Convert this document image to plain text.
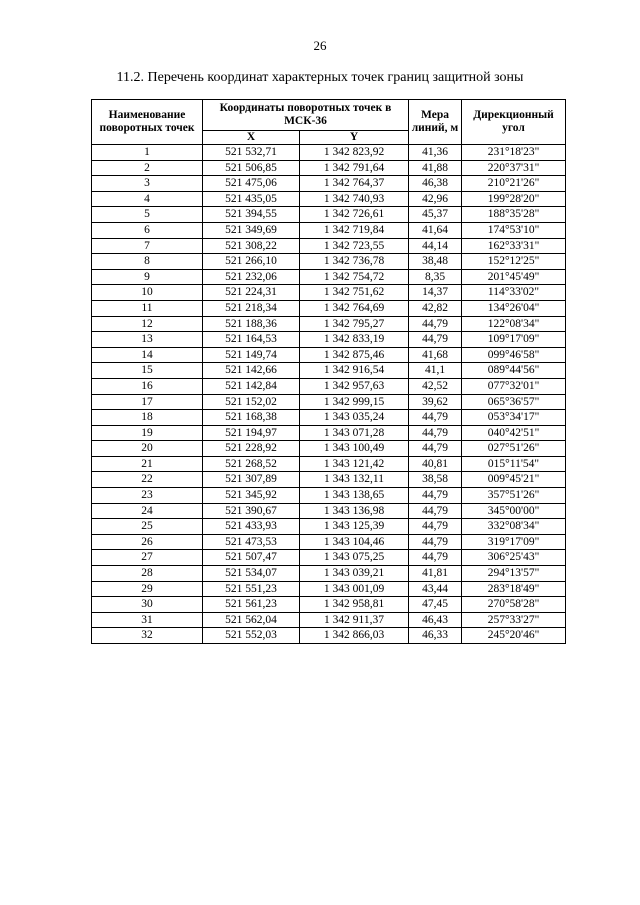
26
11.2. Перечень координат характерных точек границ защитной зоны
Наименование поворотных точек	Координаты поворотных точек в МСК-36		Мера линий, м	Дирекционный угол
	X	Y		
1	521 532,71	1 342 823,92	41,36	231°18'23"
2	521 506,85	1 342 791,64	41,88	220°37'31"
3	521 475,06	1 342 764,37	46,38	210°21'26"
4	521 435,05	1 342 740,93	42,96	199°28'20"
5	521 394,55	1 342 726,61	45,37	188°35'28"
6	521 349,69	1 342 719,84	41,64	174°53'10"
7	521 308,22	1 342 723,55	44,14	162°33'31"
8	521 266,10	1 342 736,78	38,48	152°12'25"
9	521 232,06	1 342 754,72	8,35	201°45'49"
10	521 224,31	1 342 751,62	14,37	114°33'02"
11	521 218,34	1 342 764,69	42,82	134°26'04"
12	521 188,36	1 342 795,27	44,79	122°08'34"
13	521 164,53	1 342 833,19	44,79	109°17'09"
14	521 149,74	1 342 875,46	41,68	099°46'58"
15	521 142,66	1 342 916,54	41,1	089°44'56"
16	521 142,84	1 342 957,63	42,52	077°32'01"
17	521 152,02	1 342 999,15	39,62	065°36'57"
18	521 168,38	1 343 035,24	44,79	053°34'17"
19	521 194,97	1 343 071,28	44,79	040°42'51"
20	521 228,92	1 343 100,49	44,79	027°51'26"
21	521 268,52	1 343 121,42	40,81	015°11'54"
22	521 307,89	1 343 132,11	38,58	009°45'21"
23	521 345,92	1 343 138,65	44,79	357°51'26"
24	521 390,67	1 343 136,98	44,79	345°00'00"
25	521 433,93	1 343 125,39	44,79	332°08'34"
26	521 473,53	1 343 104,46	44,79	319°17'09"
27	521 507,47	1 343 075,25	44,79	306°25'43"
28	521 534,07	1 343 039,21	41,81	294°13'57"
29	521 551,23	1 343 001,09	43,44	283°18'49"
30	521 561,23	1 342 958,81	47,45	270°58'28"
31	521 562,04	1 342 911,37	46,43	257°33'27"
32	521 552,03	1 342 866,03	46,33	245°20'46"
